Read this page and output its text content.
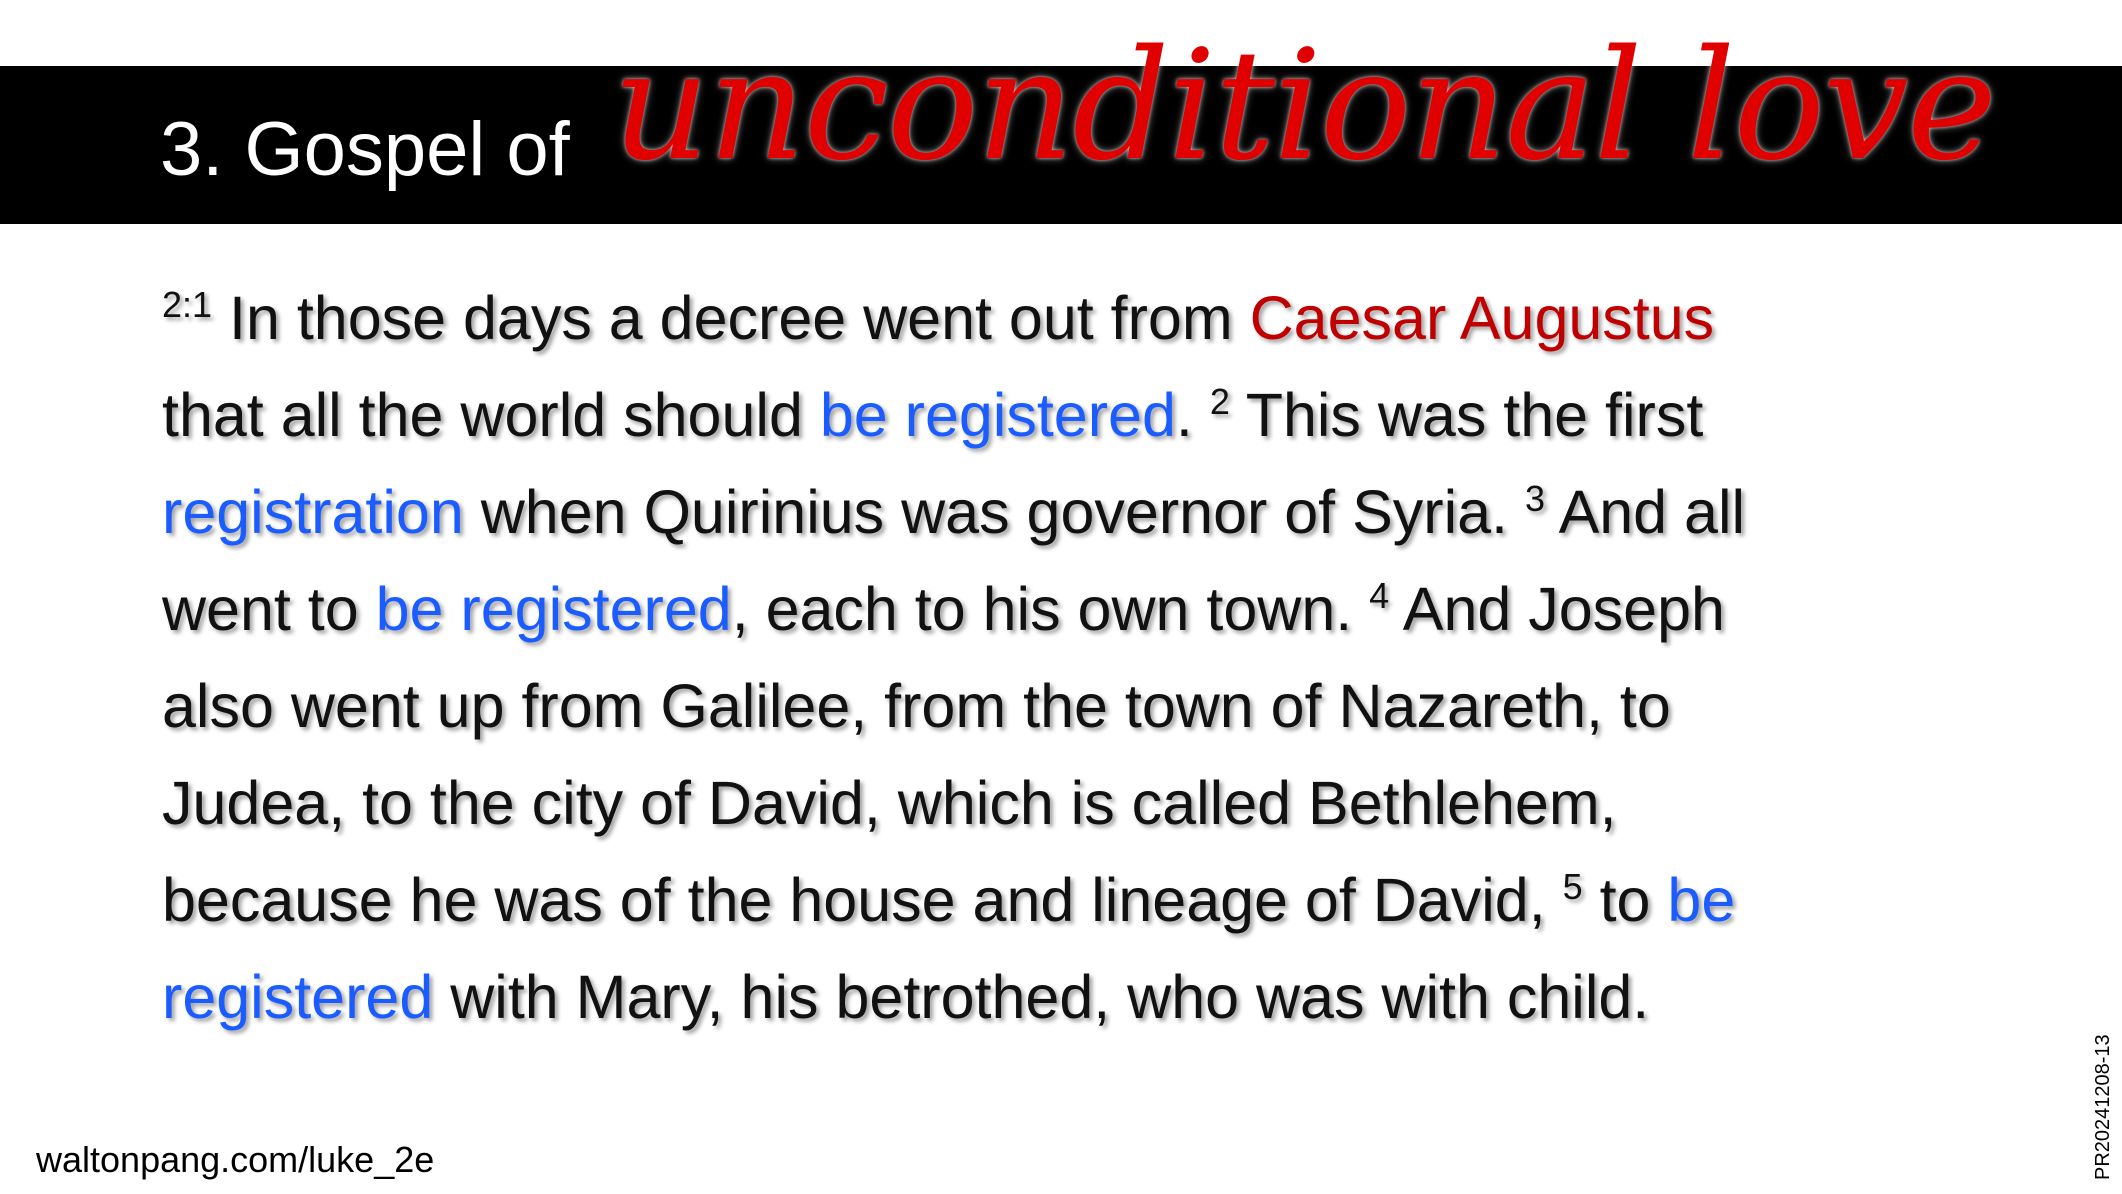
3. Gospel of unconditional love
$^{2:1}$ In those days a decree went out from Caesar Augustus
that all the world should be registered. $^2$ This was the first
registration when Quirinius was governor of Syria. $^3$ And all
went to be registered, each to his own town. $^4$ And Joseph
also went up from Galilee, from the town of Nazareth, to
Judea, to the city of David, which is called Bethlehem,
because he was of the house and lineage of David, $^5$ to be
registered with Mary, his betrothed, who was with child.
waltonpang.com/luke_2e	PR20241208-13
